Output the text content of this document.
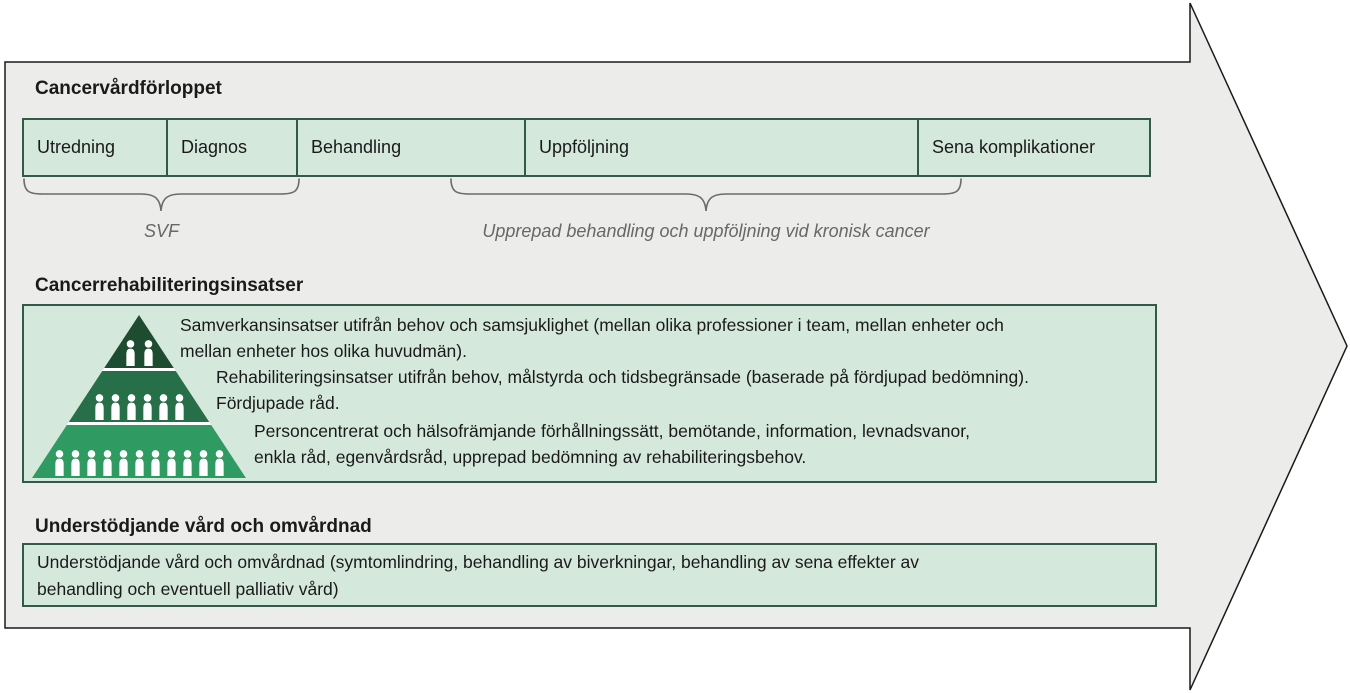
Cancervårdförloppet
Utredning	Diagnos	Behandling	Uppföljning	Sena komplikationer
SVF	Upprepad behandling och uppföljning vid kronisk cancer
Cancerrehabiliteringsinsatser
Samverkansinsatser utifrån behov och samsjuklighet (mellan olika professioner i team, mellan enheter och
mellan enheter hos olika huvudmän).
Rehabiliteringsinsatser utifrån behov, målstyrda och tidsbegränsade (baserade på fördjupad bedömning).
Fördjupade råd.
Personcentrerat och hälsofrämjande förhållningssätt, bemötande, information, levnadsvanor,
enkla råd, egenvårdsråd, upprepad bedömning av rehabiliteringsbehov.
Understödjande vård och omvårdnad
Understödjande vård och omvårdnad (symtomlindring, behandling av biverkningar, behandling av sena effekter av
behandling och eventuell palliativ vård)
